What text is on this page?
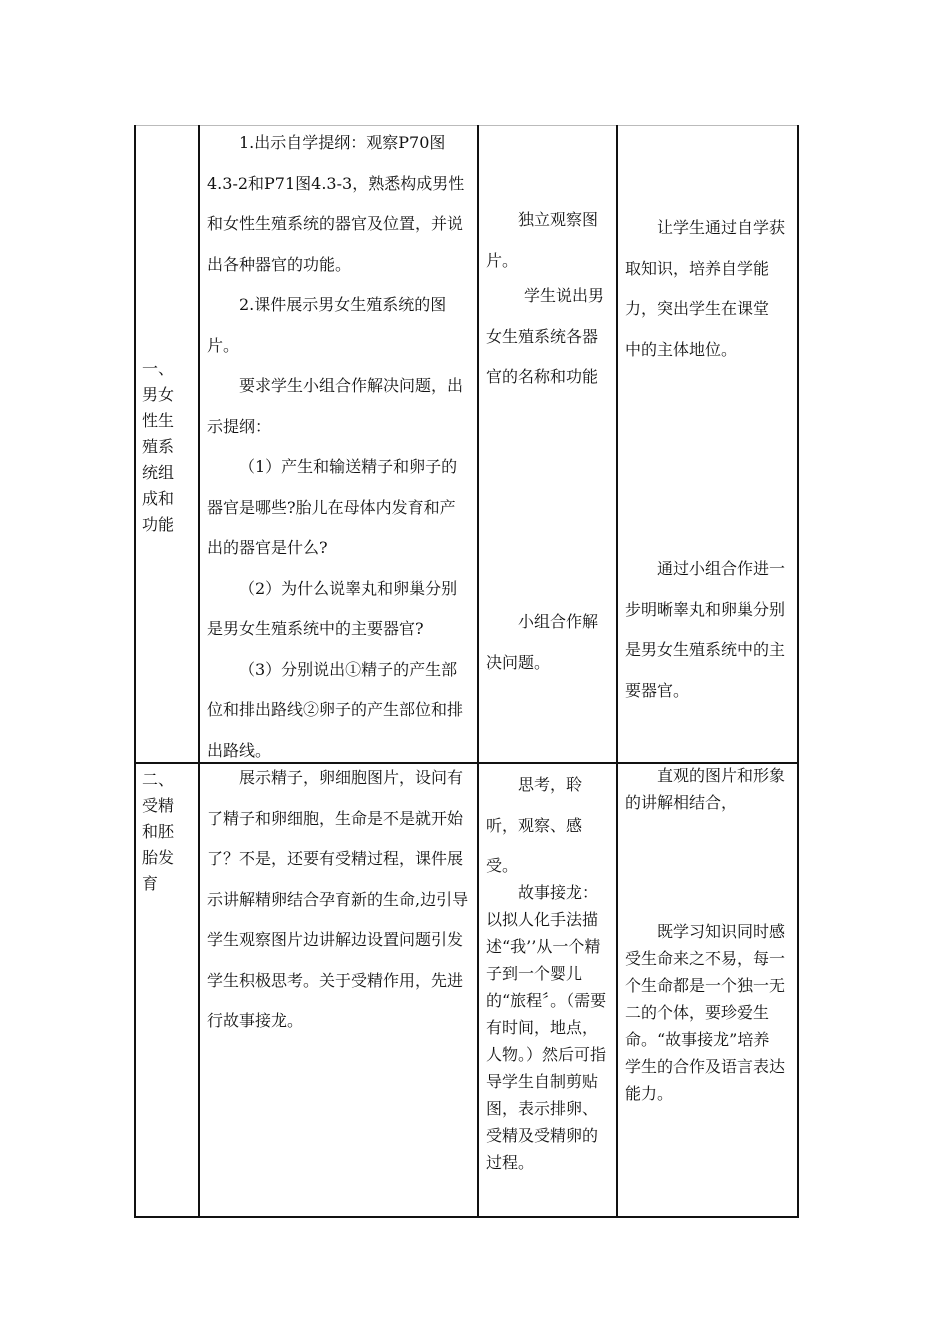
一、

男女

性生

殖系

统组

成和

功能

1.出示自学提纲：观察P70图4.3-2和P71图4.3-3，熟悉构成男性和女性生殖系统的器官及位置，并说出各种器官的功能。

2.课件展示男女生殖系统的图片。

要求学生小组合作解决问题，出示提纲：

（1）产生和输送精子和卵子的器官是哪些?胎儿在母体内发育和产出的器官是什么?

（2）为什么说睾丸和卵巢分别是男女生殖系统中的主要器官?

（3）分别说出①精子的产生部位和排出路线②卵子的产生部位和排出路线。

独立观察图片。

学生说出男女生殖系统各器官的名称和功能

小组合作解决问题。

让学生通过自学获取知识，培养自学能力，突出学生在课堂 中的主体地位。

通过小组合作进一步明晰睾丸和卵巢分别是男女生殖系统中的主要器官。

二、

受精

和胚

胎发

育

展示精子，卵细胞图片，设问有了精子和卵细胞，生命是不是就开始了？不是，还要有受精过程，课件展示讲解精卵结合孕育新的生命,边引导学生观察图片边讲解边设置问题引发学生积极思考。关于受精作用，先进行故事接龙。

思考，聆听，观察、感受。

故事接龙：以拟人化手法描述“我’’从一个精子到一个婴儿的“旅程〞。（需要有时间，地点，人物。）然后可指导学生自制剪贴图，表示排卵、受精及受精卵的过程。

直观的图片和形象的讲解相结合，

既学习知识同时感受生命来之不易，每一个生命都是一个独一无二的个体，要珍爱生命。“故事接龙”培养学生的合作及语言表达能力。
